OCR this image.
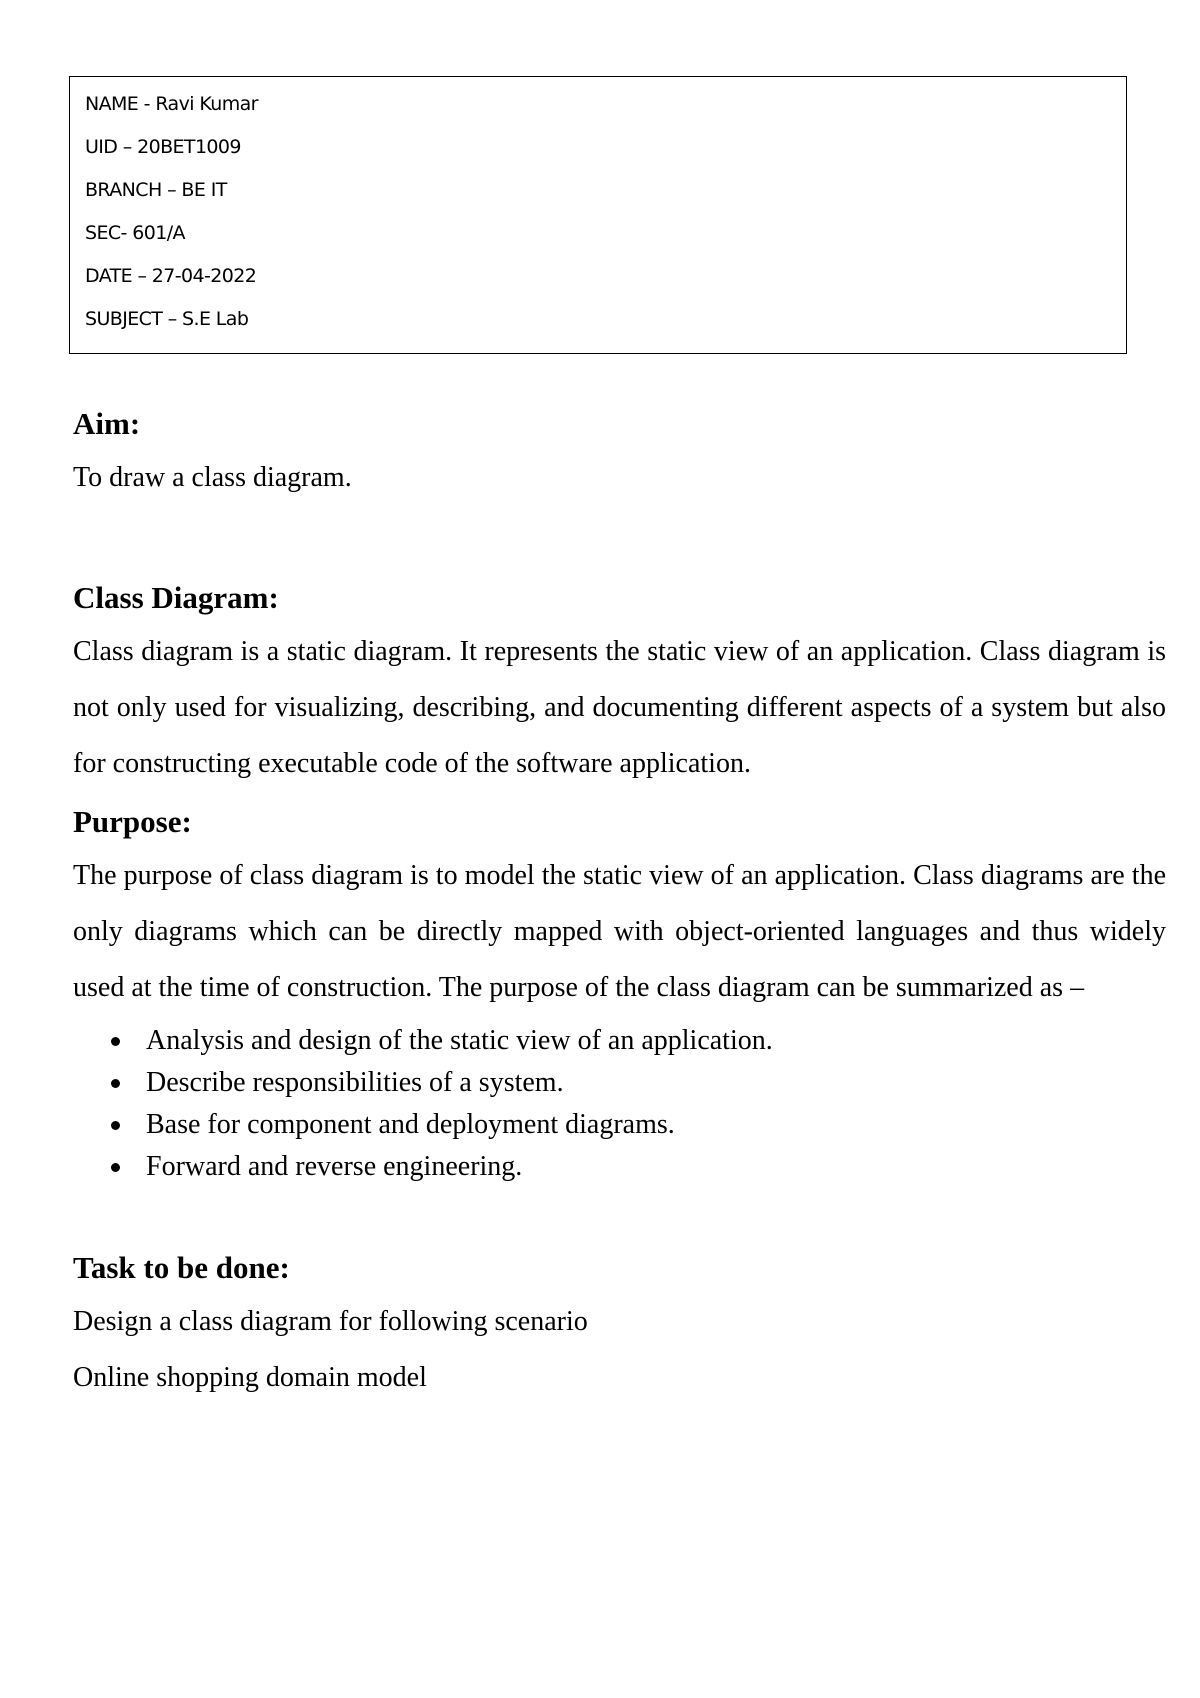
NAME - Ravi Kumar
UID – 20BET1009
BRANCH – BE IT
SEC- 601/A
DATE – 27-04-2022
SUBJECT – S.E Lab
Aim:

To draw a class diagram.

Class Diagram:

Class diagram is a static diagram. It represents the static view of an application. Class diagram is not only used for visualizing, describing, and documenting different aspects of a system but also for constructing executable code of the software application.

Purpose:

The purpose of class diagram is to model the static view of an application. Class diagrams are the only diagrams which can be directly mapped with object-oriented languages and thus widely used at the time of construction. The purpose of the class diagram can be summarized as –

Analysis and design of the static view of an application.
Describe responsibilities of a system.
Base for component and deployment diagrams.
Forward and reverse engineering.
Task to be done:

Design a class diagram for following scenario

Online shopping domain model
